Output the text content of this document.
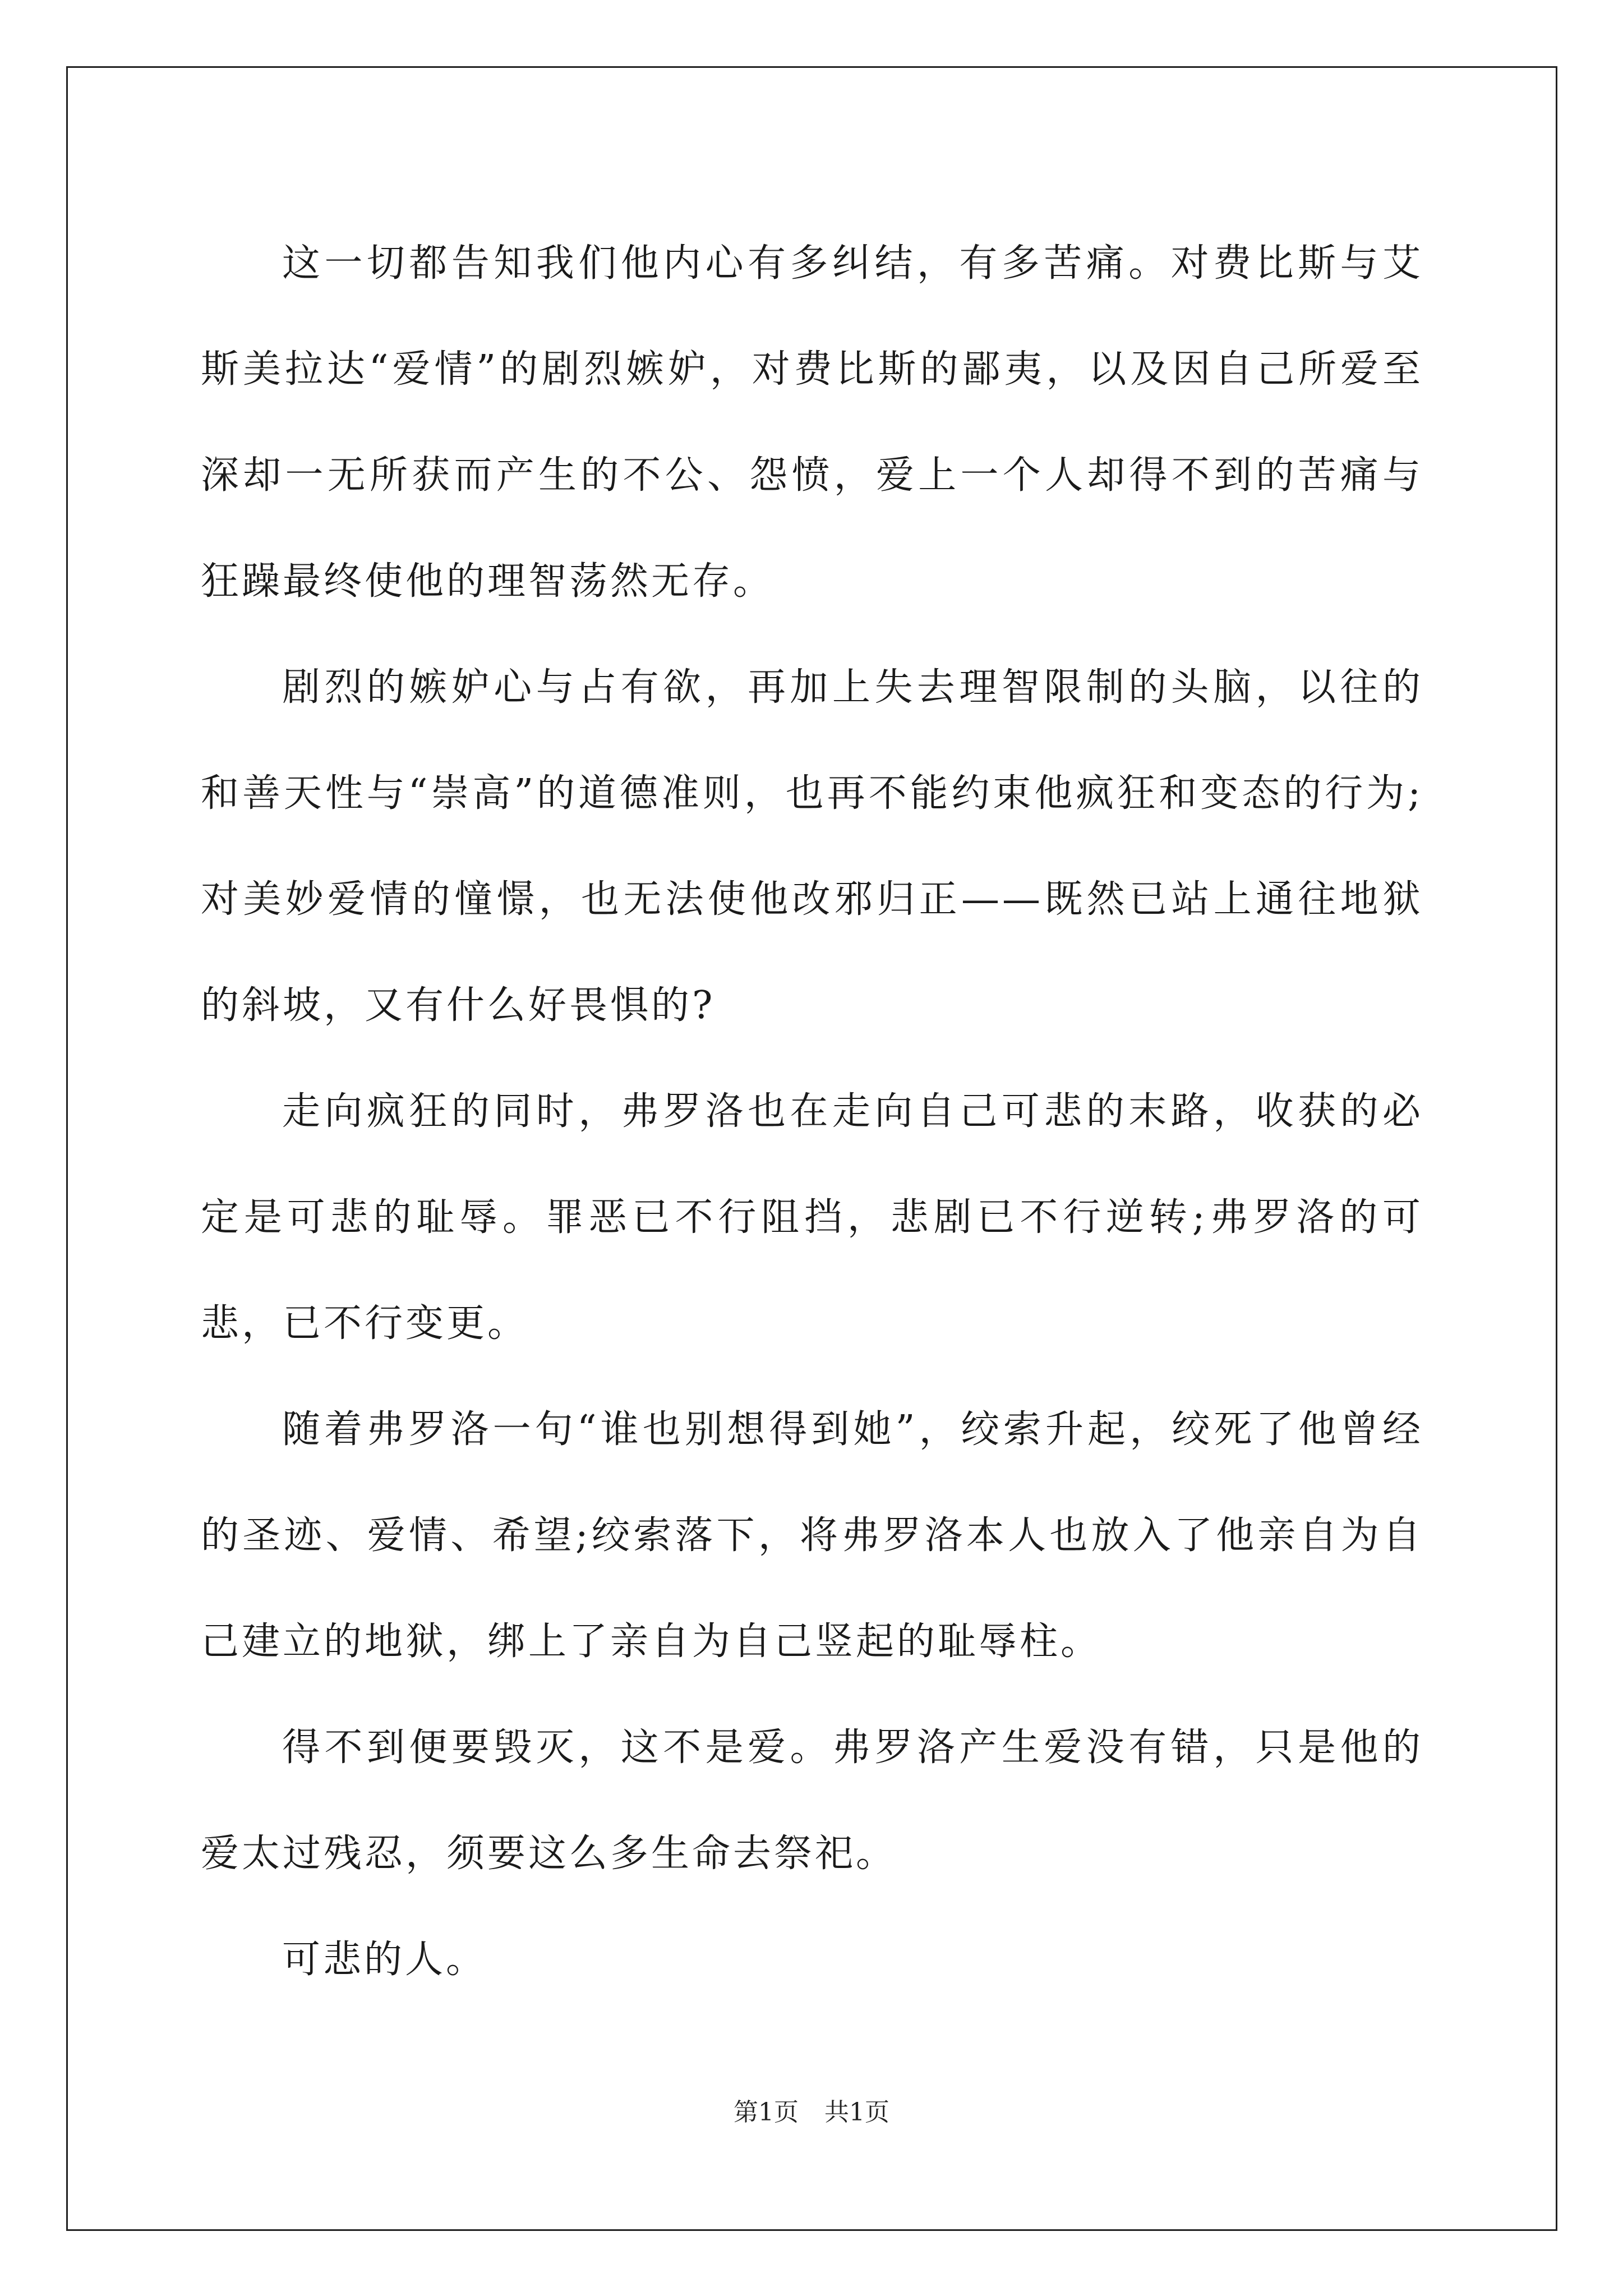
这一切都告知我们他内心有多纠结，有多苦痛。对费比斯与艾斯美拉达“爱情”的剧烈嫉妒，对费比斯的鄙夷，以及因自己所爱至深却一无所获而产生的不公、怨愤，爱上一个人却得不到的苦痛与狂躁最终使他的理智荡然无存。

剧烈的嫉妒心与占有欲，再加上失去理智限制的头脑，以往的和善天性与“崇高”的道德准则，也再不能约束他疯狂和变态的行为;对美妙爱情的憧憬，也无法使他改邪归正——既然已站上通往地狱的斜坡，又有什么好畏惧的?

走向疯狂的同时，弗罗洛也在走向自己可悲的末路，收获的必定是可悲的耻辱。罪恶已不行阻挡，悲剧已不行逆转;弗罗洛的可悲，已不行变更。

随着弗罗洛一句“谁也别想得到她”，绞索升起，绞死了他曾经的圣迹、爱情、希望;绞索落下，将弗罗洛本人也放入了他亲自为自己建立的地狱，绑上了亲自为自己竖起的耻辱柱。

得不到便要毁灭，这不是爱。弗罗洛产生爱没有错，只是他的爱太过残忍，须要这么多生命去祭祀。

可悲的人。

第1页 共1页
